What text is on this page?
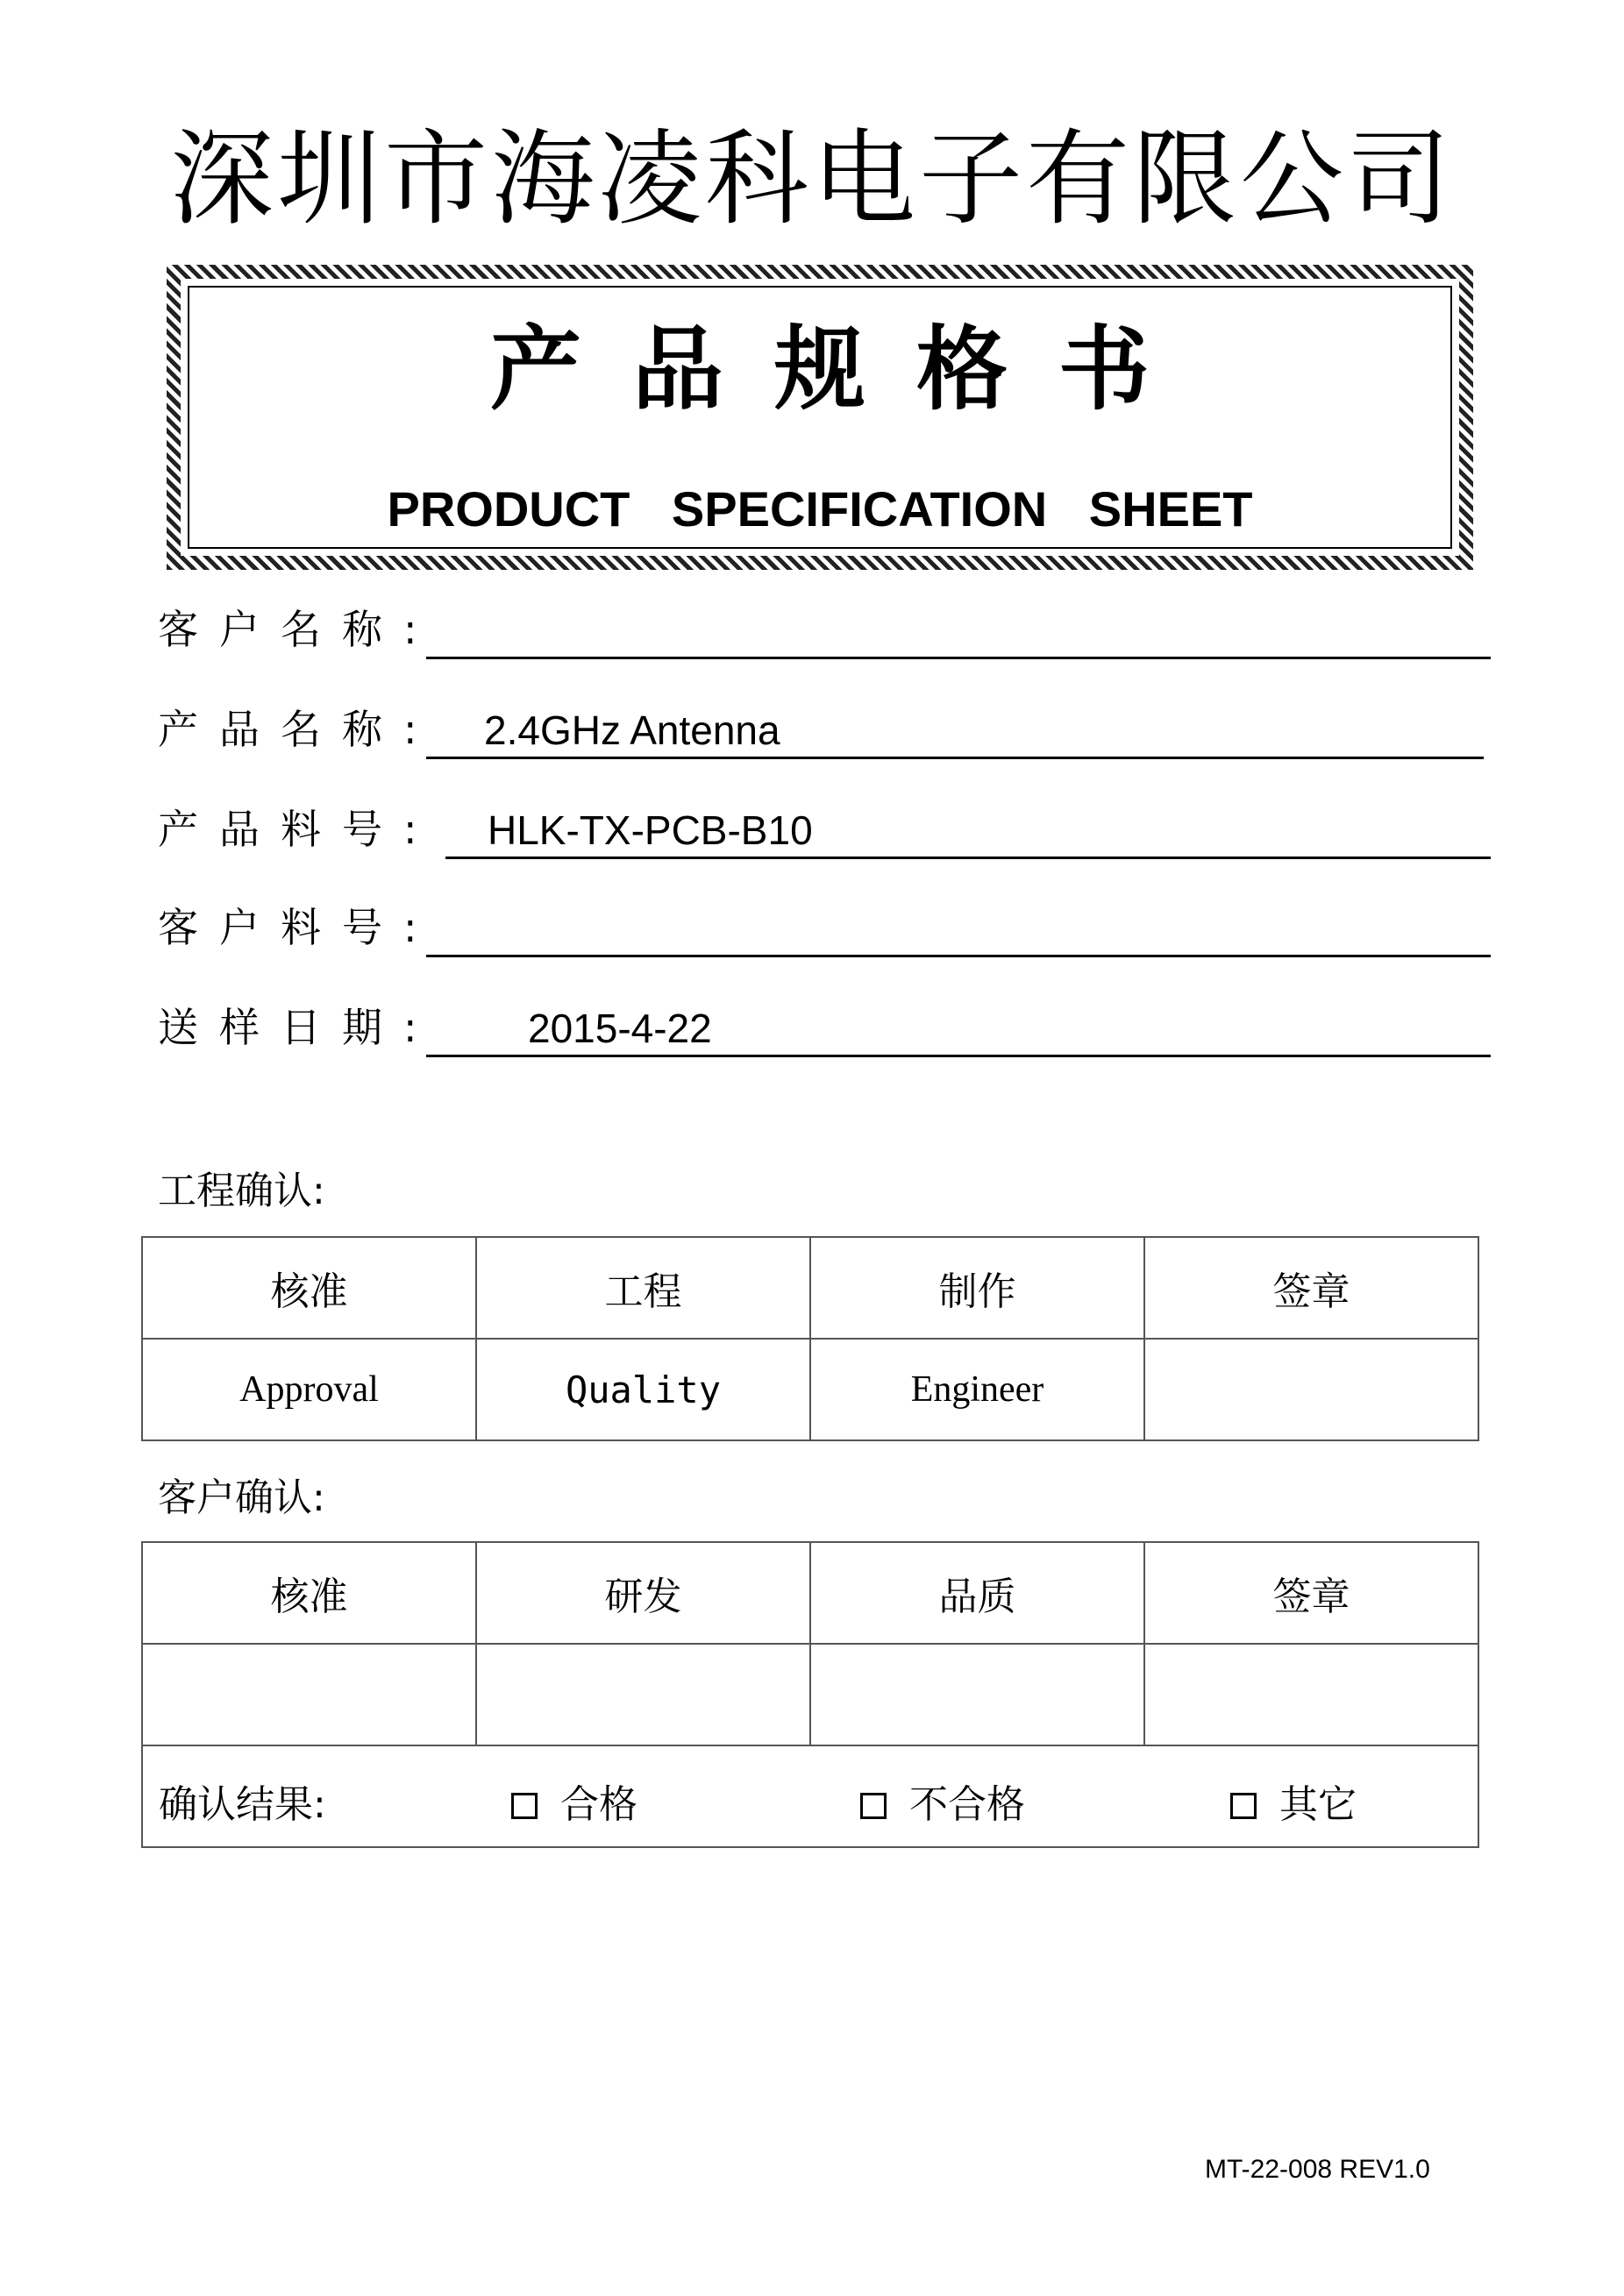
深圳市海凌科电子有限公司
产品规格书
PRODUCT SPECIFICATION SHEET
客户名称:
产品名称: 2.4GHz Antenna
产品料号: HLK-TX-PCB-B10
客户料号:
送样日期: 2015-4-22
工程确认:
核准	工程	制作	签章
Approval	Quality	Engineer	
客户确认:
核准	研发	品质	签章

确认结果: 合格 不合格 其它			
MT-22-008 REV1.0
